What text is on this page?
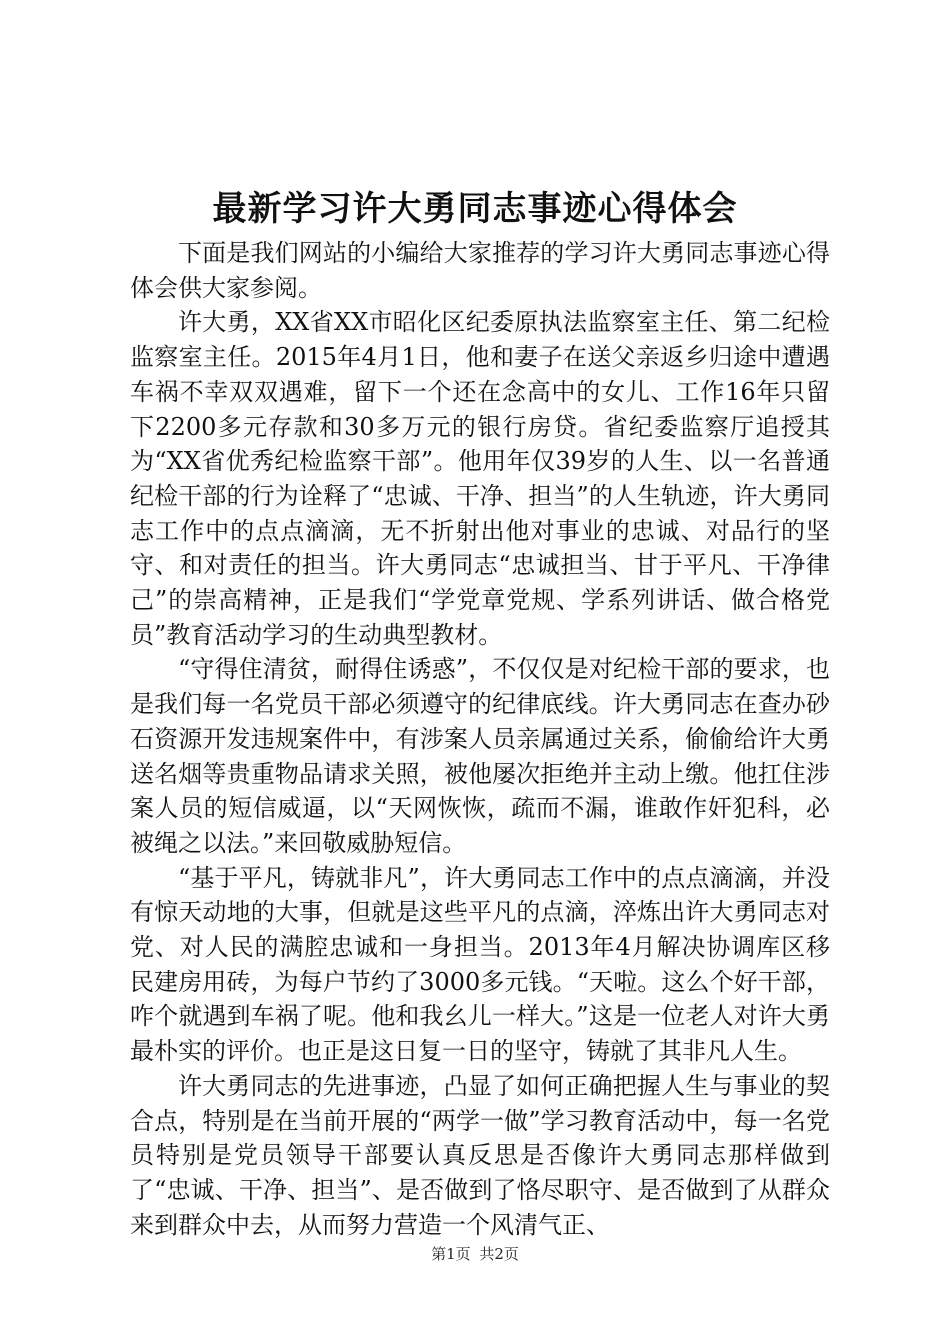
最新学习许大勇同志事迹心得体会

下面是我们网站的小编给大家推荐的学习许大勇同志事迹心得体会供大家参阅。

许大勇，XX省XX市昭化区纪委原执法监察室主任、第二纪检监察室主任。2015年4月1日，他和妻子在送父亲返乡归途中遭遇车祸不幸双双遇难，留下一个还在念高中的女儿、工作16年只留下2200多元存款和30多万元的银行房贷。省纪委监察厅追授其为“XX省优秀纪检监察干部”。他用年仅39岁的人生、以一名普通纪检干部的行为诠释了“忠诚、干净、担当”的人生轨迹，许大勇同志工作中的点点滴滴，无不折射出他对事业的忠诚、对品行的坚守、和对责任的担当。许大勇同志“忠诚担当、甘于平凡、干净律己”的崇高精神，正是我们“学党章党规、学系列讲话、做合格党员”教育活动学习的生动典型教材。

“守得住清贫，耐得住诱惑”，不仅仅是对纪检干部的要求，也是我们每一名党员干部必须遵守的纪律底线。许大勇同志在查办砂石资源开发违规案件中，有涉案人员亲属通过关系，偷偷给许大勇送名烟等贵重物品请求关照，被他屡次拒绝并主动上缴。他扛住涉案人员的短信威逼，以“天网恢恢，疏而不漏，谁敢作奸犯科，必被绳之以法。”来回敬威胁短信。

“基于平凡，铸就非凡”，许大勇同志工作中的点点滴滴，并没有惊天动地的大事，但就是这些平凡的点滴，淬炼出许大勇同志对党、对人民的满腔忠诚和一身担当。2013年4月解决协调库区移民建房用砖，为每户节约了3000多元钱。“天啦。这么个好干部，咋个就遇到车祸了呢。他和我幺儿一样大。”这是一位老人对许大勇最朴实的评价。也正是这日复一日的坚守，铸就了其非凡人生。

许大勇同志的先进事迹，凸显了如何正确把握人生与事业的契合点，特别是在当前开展的“两学一做”学习教育活动中，每一名党员特别是党员领导干部要认真反思是否像许大勇同志那样做到了“忠诚、干净、担当”、是否做到了恪尽职守、是否做到了从群众来到群众中去，从而努力营造一个风清气正、

第1页 共2页
